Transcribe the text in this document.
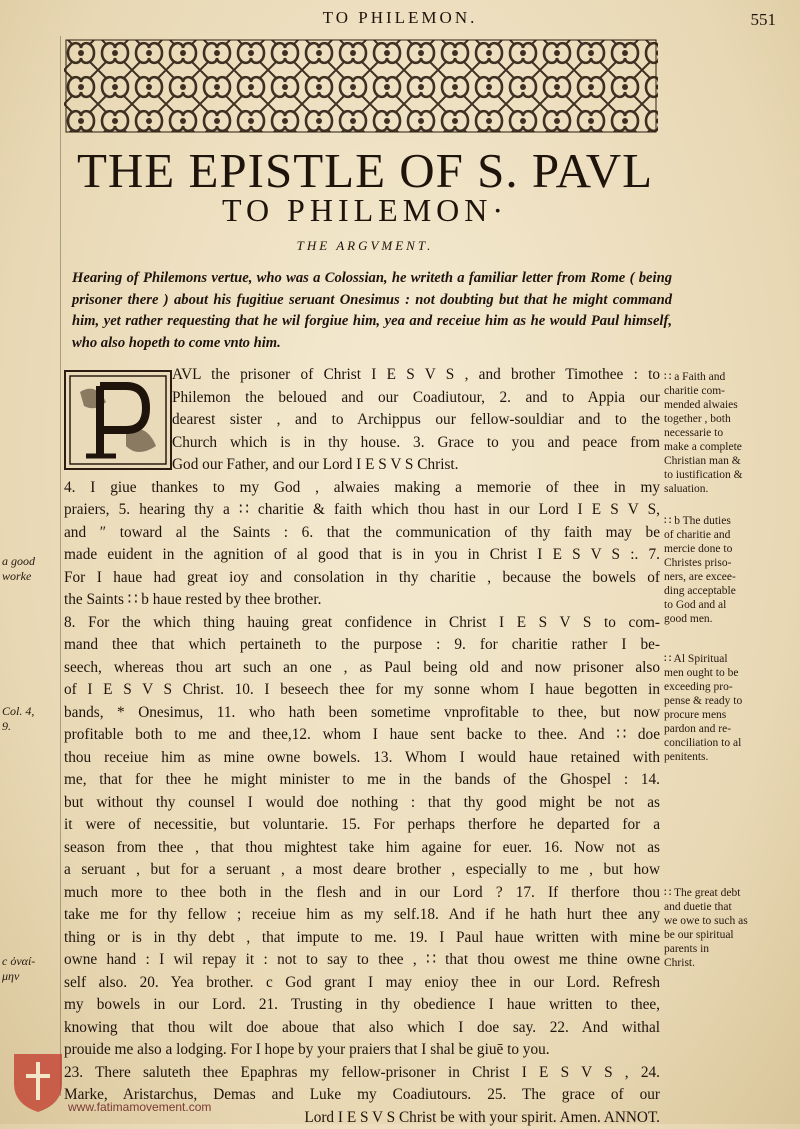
TO PHILEMON.	551
THE EPISTLE OF S. PAVL
TO PHILEMON·
THE ARGVMENT.
Hearing of Philemons vertue, who was a Colossian, he writeth a familiar letter from Rome ( being prisoner there ) about his fugitiue seruant Onesimus : not doubting but that he might command him, yet rather requesting that he wil forgiue him, yea and receiue him as he would Paul himself, who also hopeth to come vnto him.
AVL the prisoner of Christ I E S V S , and brother Timothee : to
Philemon the beloued and our Coadiutour, 2. and to Appia our
dearest sister , and to Archippus our fellow-souldiar and to the
Church which is in thy house. 3. Grace to you and peace from
God our Father, and our Lord I E S V S Christ.
4. I giue thankes to my God , alwaies making a memorie of thee in my
praiers, 5. hearing thy a ∷ charitie & faith which thou hast in our Lord I E S V S,
and ″ toward al the Saints : 6. that the communication of thy faith may be
made euident in the agnition of al good that is in you in Christ I E S V S :. 7.
For I haue had great ioy and consolation in thy charitie , because the bowels of
the Saints ∷ b haue rested by thee brother.
8. For the which thing hauing great confidence in Christ I E S V S to com-
mand thee that which pertaineth to the purpose : 9. for charitie rather I be-
seech, whereas thou art such an one , as Paul being old and now prisoner also
of I E S V S Christ. 10. I beseech thee for my sonne whom I haue begotten in
bands, * Onesimus, 11. who hath been sometime vnprofitable to thee, but now
profitable both to me and thee,12. whom I haue sent backe to thee. And ∷ doe
thou receiue him as mine owne bowels. 13. Whom I would haue retained with
me, that for thee he might minister to me in the bands of the Ghospel : 14.
but without thy counsel I would doe nothing : that thy good might be not as
it were of necessitie, but voluntarie. 15. For perhaps therfore he departed for a
season from thee , that thou mightest take him againe for euer. 16. Now not as
a seruant , but for a seruant , a most deare brother , especially to me , but how
much more to thee both in the flesh and in our Lord ? 17. If therfore thou
take me for thy fellow ; receiue him as my self.18. And if he hath hurt thee any
thing or is in thy debt , that impute to me. 19. I Paul haue written with mine
owne hand : I wil repay it : not to say to thee , ∷ that thou owest me thine owne
self also. 20. Yea brother. c God grant I may enioy thee in our Lord. Refresh
my bowels in our Lord. 21. Trusting in thy obedience I haue written to thee,
knowing that thou wilt doe aboue that also which I doe say. 22. And withal
prouide me also a lodging. For I hope by your praiers that I shal be giuē to you.
23. There saluteth thee Epaphras my fellow-prisoner in Christ I E S V S , 24.
Marke, Aristarchus, Demas and Luke my Coadiutours. 25. The grace of our
Lord I E S V S Christ be with your spirit. Amen. ANNOT.
∷ a Faith and
charitie com-
mended alwaies
together , both
necessarie to
make a complete
Christian man &
to iustification &
saluation.
∷ b The duties
of charitie and
mercie done to
Christes priso-
ners, are excee-
ding acceptable
to God and al
good men.
∷ Al Spiritual
men ought to be
exceeding pro-
pense & ready to
procure mens
pardon and re-
conciliation to al
penitents.
∷ The great debt
and duetie that
we owe to such as
be our spiritual
parents in
Christ.
a good
worke
Col. 4,
9.
c ὀναί-
μην
www.fatimamovement.com
